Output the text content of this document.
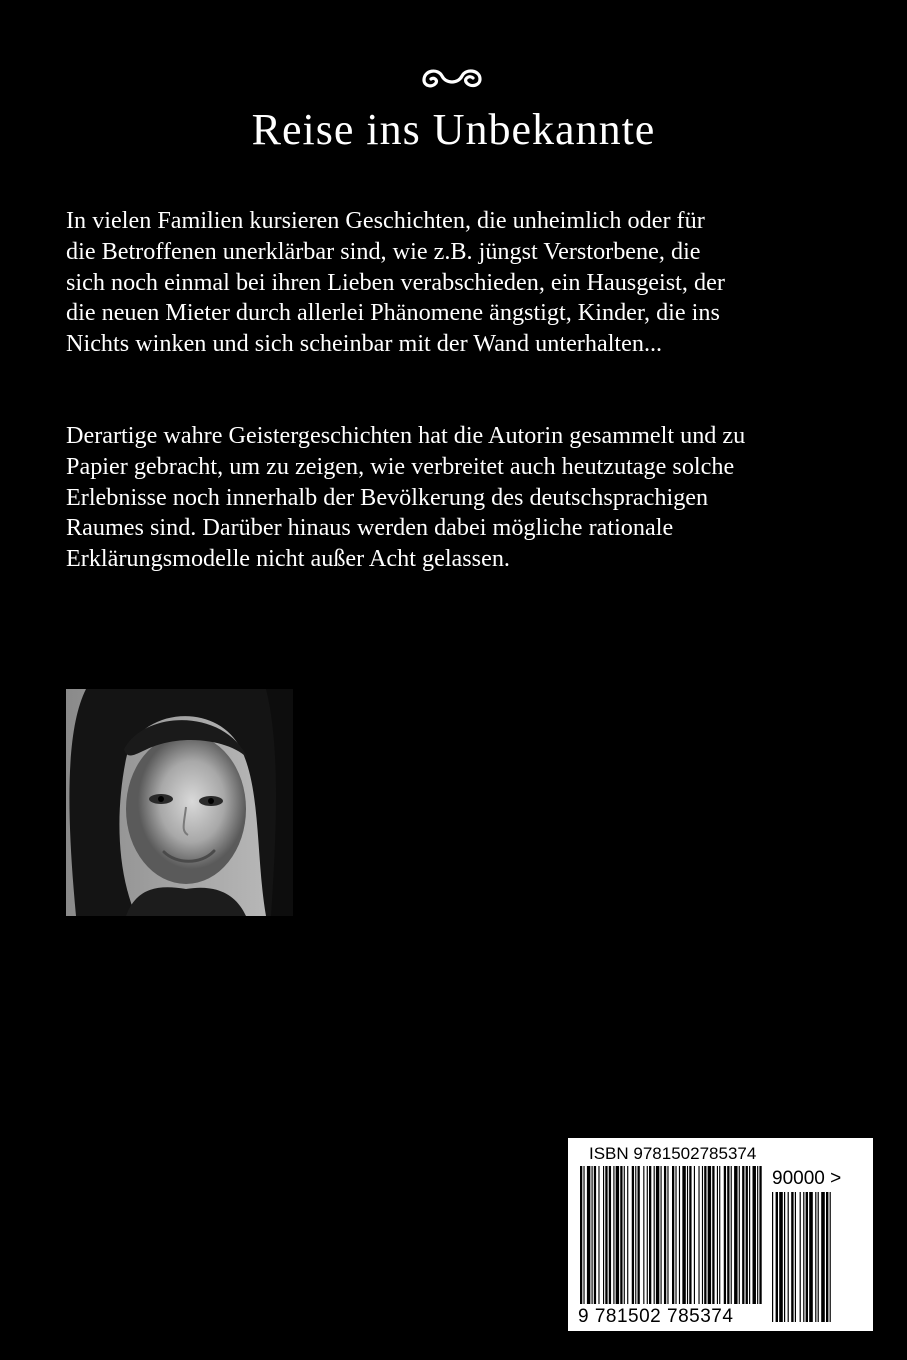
Reise ins Unbekannte

In vielen Familien kursieren Geschichten, die unheimlich oder für
die Betroffenen unerklärbar sind, wie z.B. jüngst Verstorbene, die
sich noch einmal bei ihren Lieben verabschieden, ein Hausgeist, der
die neuen Mieter durch allerlei Phänomene ängstigt, Kinder, die ins
Nichts winken und sich scheinbar mit der Wand unterhalten...

Derartige wahre Geistergeschichten hat die Autorin gesammelt und zu
Papier gebracht, um zu zeigen, wie verbreitet auch heutzutage solche
Erlebnisse noch innerhalb der Bevölkerung des deutschsprachigen
Raumes sind. Darüber hinaus werden dabei mögliche rationale
Erklärungsmodelle nicht außer Acht gelassen.

ISBN 9781502785374
90000 >
9 781502 785374
